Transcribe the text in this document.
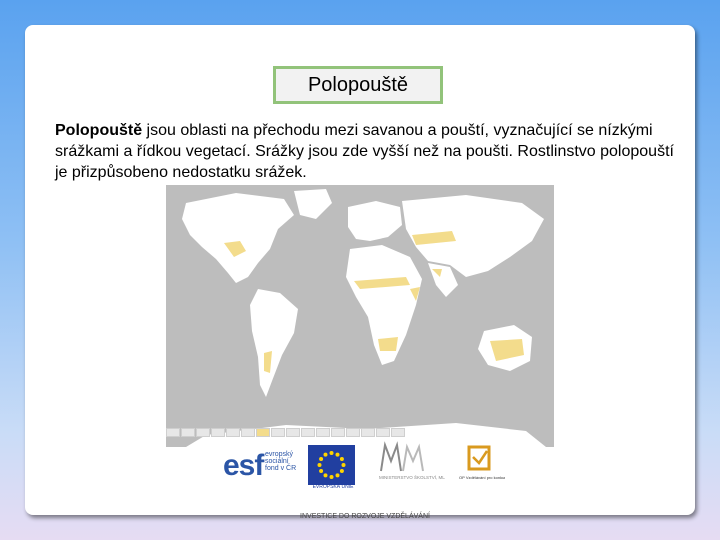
Polopouště

Polopouště jsou oblasti na přechodu mezi savanou a pouští, vyznačující se nízkými srážkami a řídkou vegetací. Srážky jsou zde vyšší než na poušti. Rostlinstvo polopouští je přizpůsobeno nedostatku srážek.

esf evropský sociální fond v ČR
EVROPSKÁ UNIE
MINISTERSTVO ŠKOLSTVÍ, ML	OP Vzdělávání pro konkur
INVESTICE DO ROZVOJE VZDĚLÁVÁNÍ
